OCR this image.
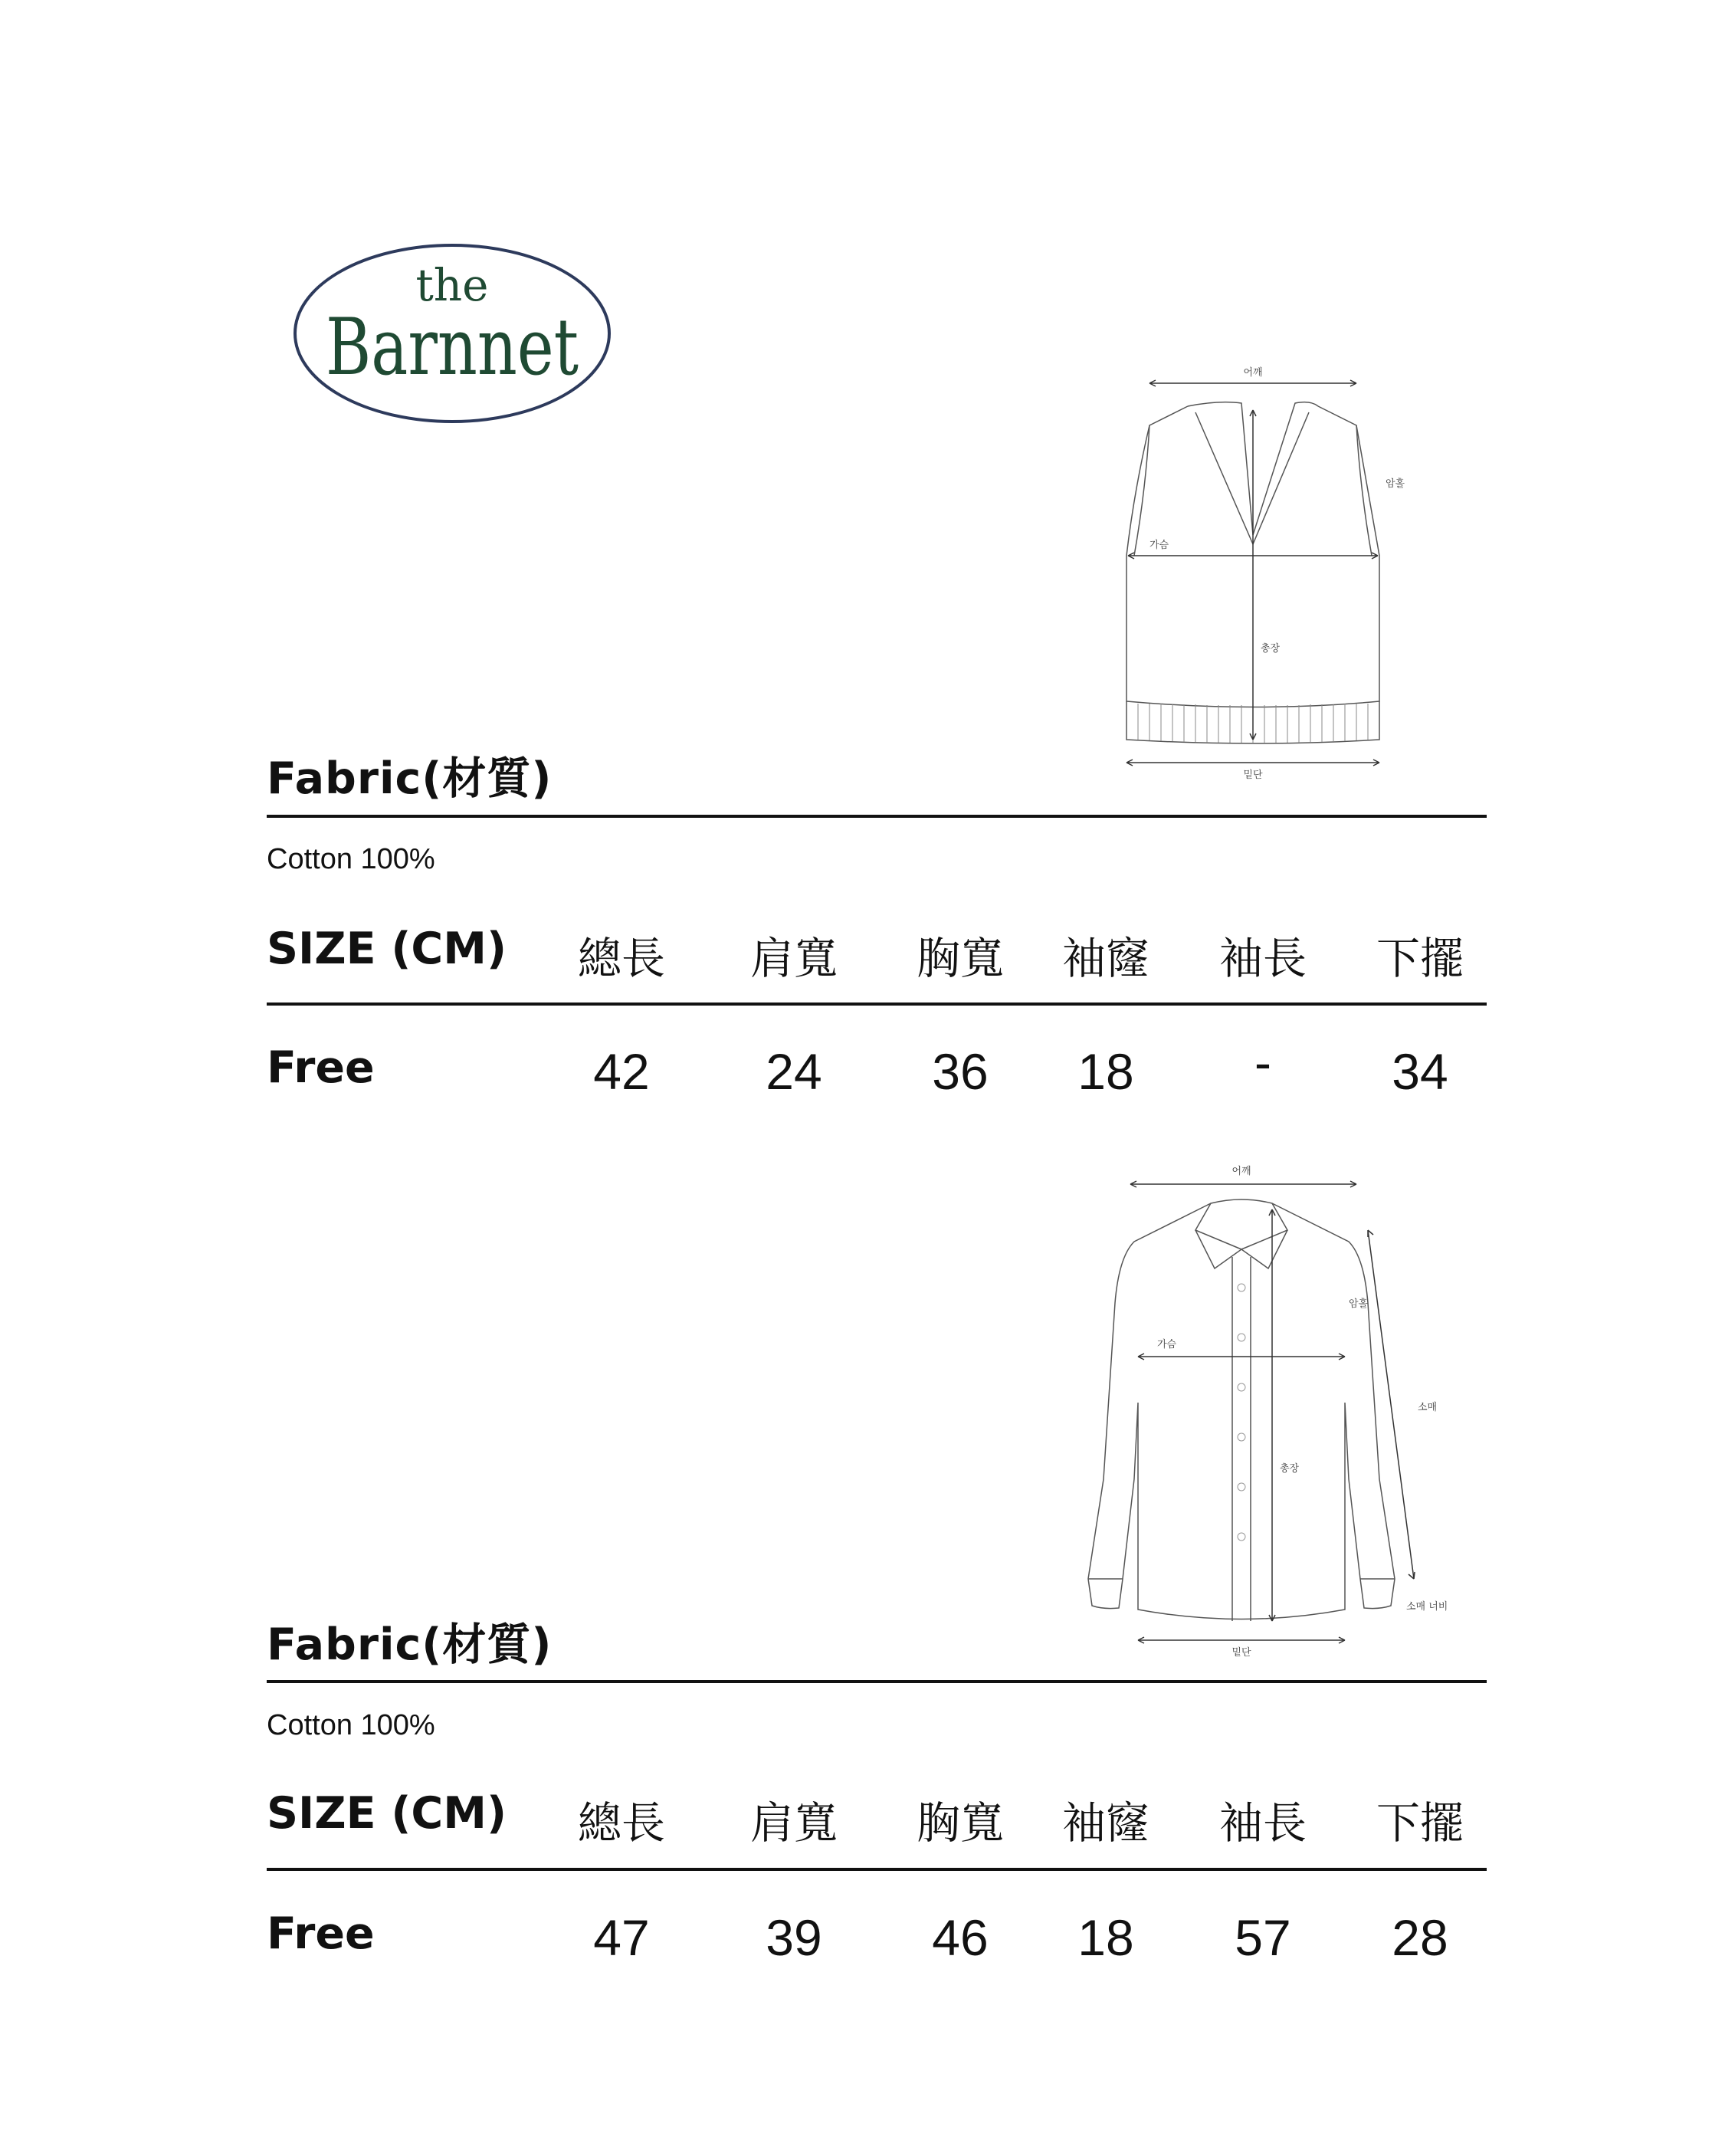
the
Barnnet	어깨
암홀
가슴
총장
밑단
Fabric(材質)
Cotton 100%
SIZE (CM) 總長 肩寬 胸寬 袖窿 袖長 下擺
Free	42 24 36 18 - 34
어깨
암홀
가슴
총장
소매
소매 너비
밑단
Fabric(材質)
Cotton 100%
SIZE (CM) 總長 肩寬 胸寬 袖窿 袖長 下擺
Free	47 39 46 18 57 28
